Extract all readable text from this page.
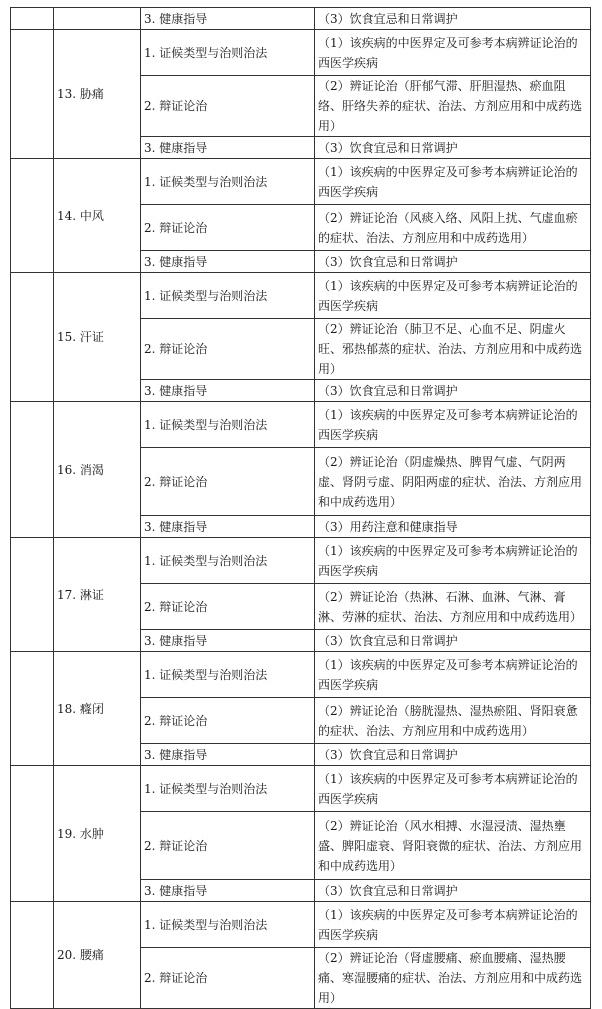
		3. 健康指导	（3）饮食宜忌和日常调护
	13. 胁痛	1. 证候类型与治则治法	（1）该疾病的中医界定及可参考本病辨证论治的西医学疾病
		2. 辩证论治	（2）辨证论治（肝郁气滞、肝胆湿热、瘀血阻络、肝络失养的症状、治法、方剂应用和中成药选用）
		3. 健康指导	（3）饮食宜忌和日常调护
	14. 中风	1. 证候类型与治则治法	（1）该疾病的中医界定及可参考本病辨证论治的西医学疾病
		2. 辩证论治	（2）辨证论治（风痰入络、风阳上扰、气虚血瘀的症状、治法、方剂应用和中成药选用）
		3. 健康指导	（3）饮食宜忌和日常调护
	15. 汗证	1. 证候类型与治则治法	（1）该疾病的中医界定及可参考本病辨证论治的西医学疾病
		2. 辩证论治	（2）辨证论治（肺卫不足、心血不足、阴虚火旺、邪热郁蒸的症状、治法、方剂应用和中成药选用）
		3. 健康指导	（3）饮食宜忌和日常调护
	16. 消渴	1. 证候类型与治则治法	（1）该疾病的中医界定及可参考本病辨证论治的西医学疾病
		2. 辩证论治	（2）辨证论治（阴虚燥热、脾胃气虚、气阴两虚、肾阴亏虚、阴阳两虚的症状、治法、方剂应用和中成药选用）
		3. 健康指导	（3）用药注意和健康指导
	17. 淋证	1. 证候类型与治则治法	（1）该疾病的中医界定及可参考本病辨证论治的西医学疾病
		2. 辩证论治	（2）辨证论治（热淋、石淋、血淋、气淋、膏淋、劳淋的症状、治法、方剂应用和中成药选用）
		3. 健康指导	（3）饮食宜忌和日常调护
	18. 癃闭	1. 证候类型与治则治法	（1）该疾病的中医界定及可参考本病辨证论治的西医学疾病
		2. 辩证论治	（2）辨证论治（膀胱湿热、湿热瘀阻、肾阳衰惫的症状、治法、方剂应用和中成药选用）
		3. 健康指导	（3）饮食宜忌和日常调护
	19. 水肿	1. 证候类型与治则治法	（1）该疾病的中医界定及可参考本病辨证论治的西医学疾病
		2. 辩证论治	（2）辨证论治（风水相搏、水湿浸渍、湿热壅盛、脾阳虚衰、肾阳衰微的症状、治法、方剂应用和中成药选用）
		3. 健康指导	（3）饮食宜忌和日常调护
	20. 腰痛	1. 证候类型与治则治法	（1）该疾病的中医界定及可参考本病辨证论治的西医学疾病
		2. 辩证论治	（2）辨证论治（肾虚腰痛、瘀血腰痛、湿热腰痛、寒湿腰痛的症状、治法、方剂应用和中成药选用）
